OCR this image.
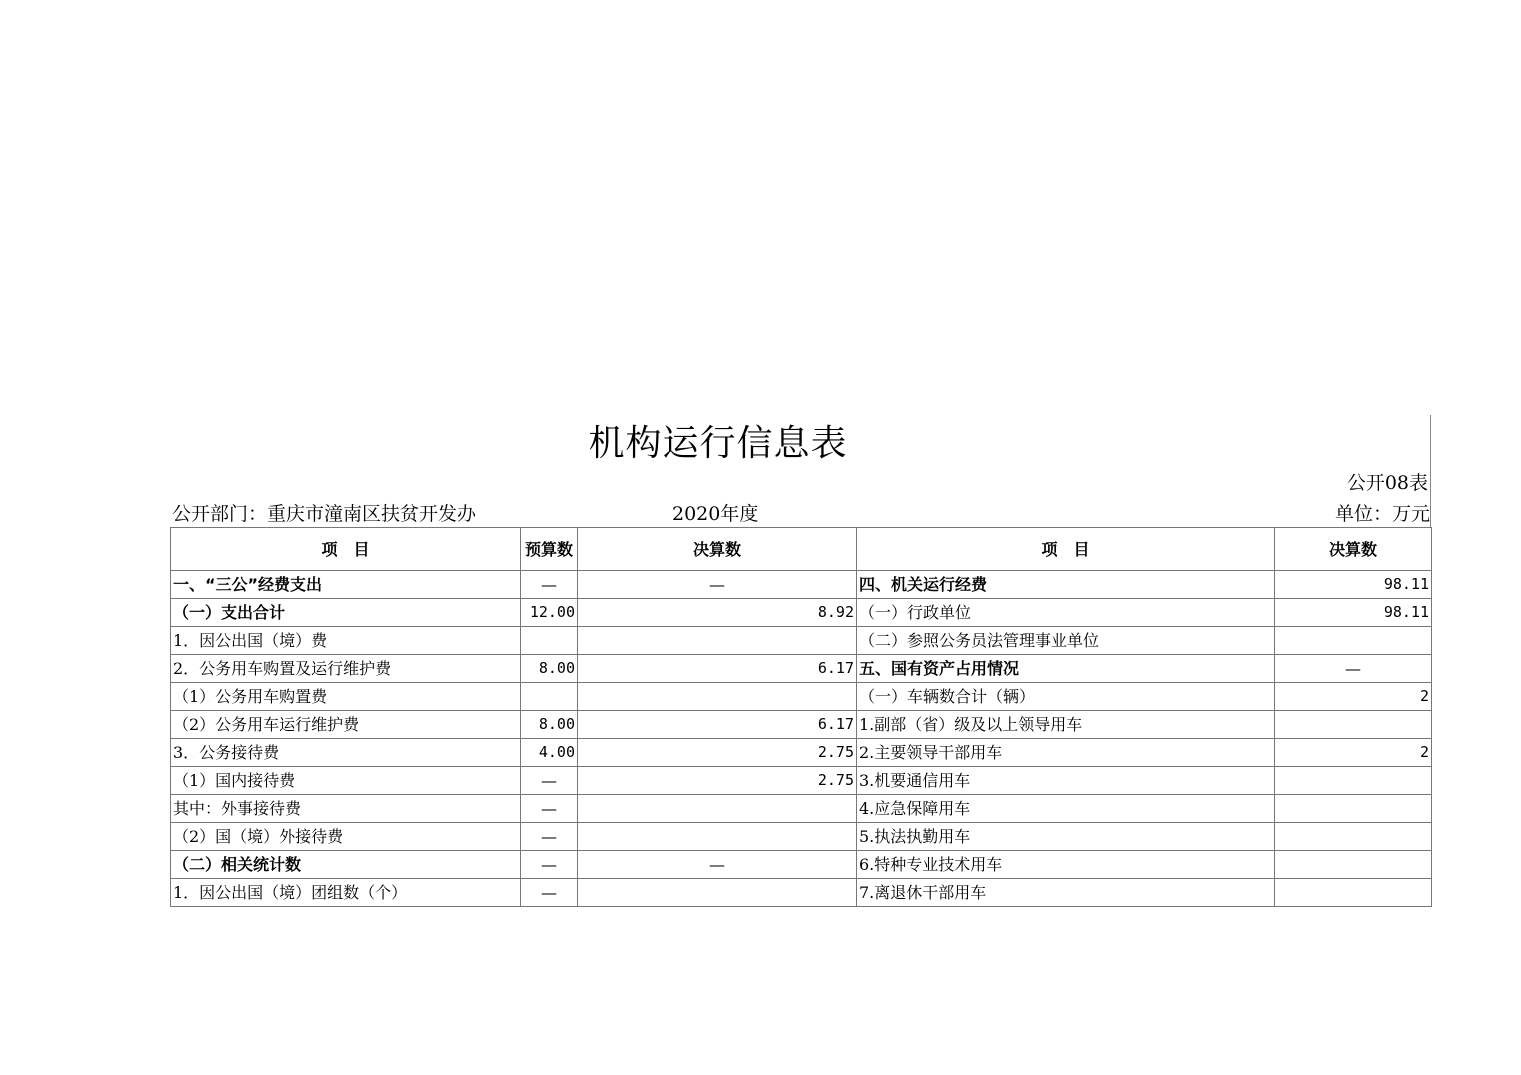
机构运行信息表
公开08表
公开部门：重庆市潼南区扶贫开发办	2020年度	单位：万元
项　目	预算数	决算数	项　目	决算数
一、“三公”经费支出	—	—	四、机关运行经费	98.11
（一）支出合计	12.00	8.92	（一）行政单位	98.11
1．因公出国（境）费			（二）参照公务员法管理事业单位	
2．公务用车购置及运行维护费	8.00	6.17	五、国有资产占用情况	—
（1）公务用车购置费			（一）车辆数合计（辆）	2
（2）公务用车运行维护费	8.00	6.17	1.副部（省）级及以上领导用车	
3．公务接待费	4.00	2.75	2.主要领导干部用车	2
（1）国内接待费	—	2.75	3.机要通信用车	
其中：外事接待费	—		4.应急保障用车	
（2）国（境）外接待费	—		5.执法执勤用车	
（二）相关统计数	—	—	6.特种专业技术用车	
1．因公出国（境）团组数（个）	—		7.离退休干部用车	
